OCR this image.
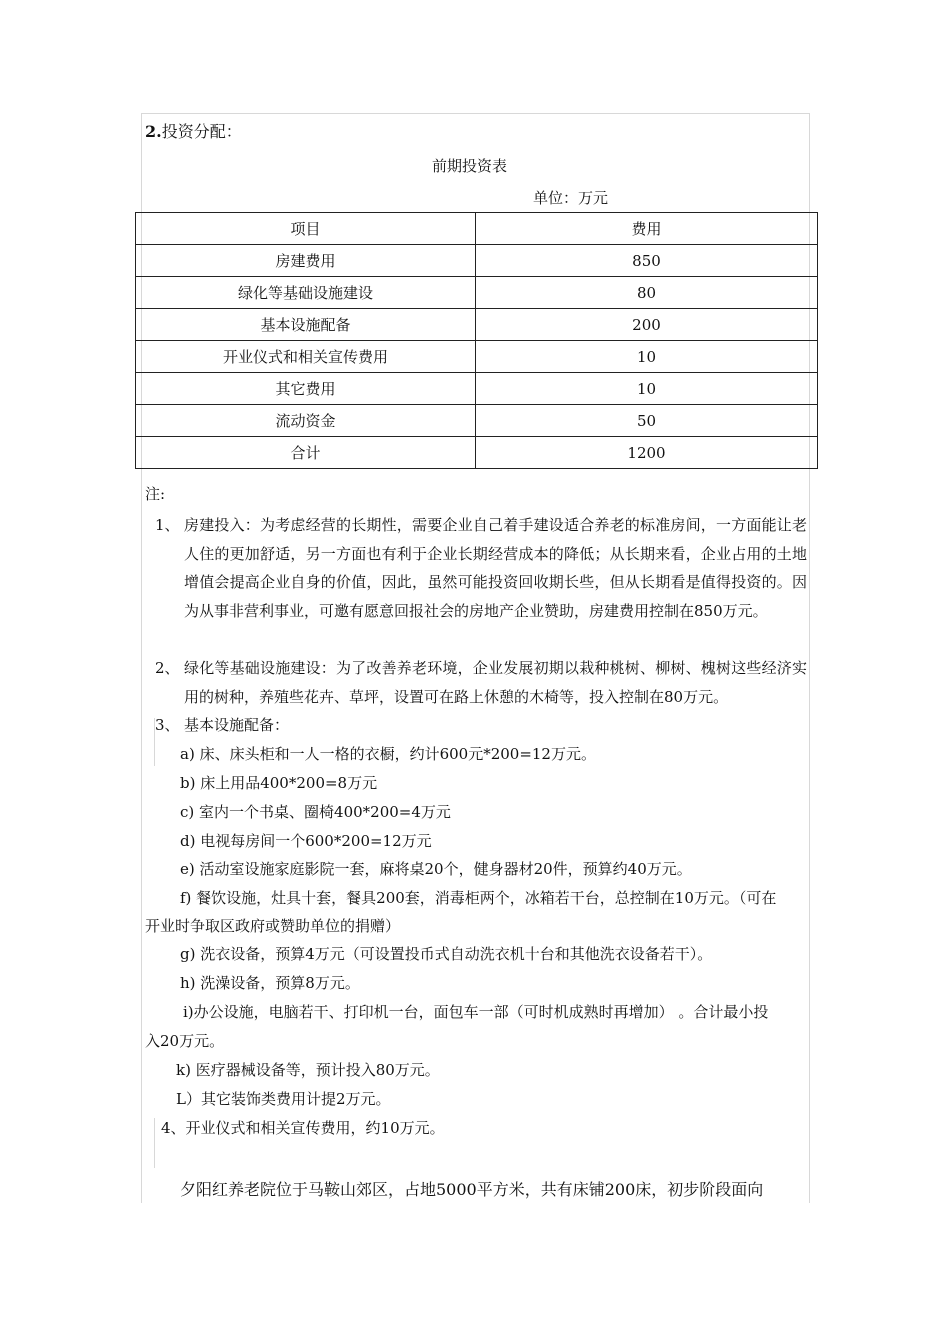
2.投资分配：
前期投资表
单位：万元
项目	费用
房建费用	850
绿化等基础设施建设	80
基本设施配备	200
开业仪式和相关宣传费用	10
其它费用	10
流动资金	50
合计	1200
注:
1、 房建投入：为考虑经营的长期性，需要企业自己着手建设适合养老的标准房间，一方面能让老人住的更加舒适，另一方面也有利于企业长期经营成本的降低；从长期来看，企业占用的土地增值会提高企业自身的价值，因此，虽然可能投资回收期长些，但从长期看是值得投资的。因为从事非营利事业，可邀有愿意回报社会的房地产企业赞助，房建费用控制在850万元。
2、 绿化等基础设施建设：为了改善养老环境，企业发展初期以栽种桃树、柳树、槐树这些经济实用的树种，养殖些花卉、草坪，设置可在路上休憩的木椅等，投入控制在80万元。
3、 基本设施配备：
a) 床、床头柜和一人一格的衣橱，约计600元*200=12万元。
b) 床上用品400*200=8万元
c) 室内一个书桌、圈椅400*200=4万元
d) 电视每房间一个600*200=12万元
e) 活动室设施家庭影院一套，麻将桌20个，健身器材20件，预算约40万元。
f) 餐饮设施，灶具十套，餐具200套，消毒柜两个，冰箱若干台，总控制在10万元。（可在
开业时争取区政府或赞助单位的捐赠）
g) 洗衣设备，预算4万元（可设置投币式自动洗衣机十台和其他洗衣设备若干）。
h) 洗澡设备，预算8万元。
i)办公设施，电脑若干、打印机一台，面包车一部（可时机成熟时再增加） 。合计最小投
入20万元。
k) 医疗器械设备等，预计投入80万元。
L）其它装饰类费用计提2万元。
4、开业仪式和相关宣传费用，约10万元。
夕阳红养老院位于马鞍山郊区，占地5000平方米，共有床铺200床，初步阶段面向
